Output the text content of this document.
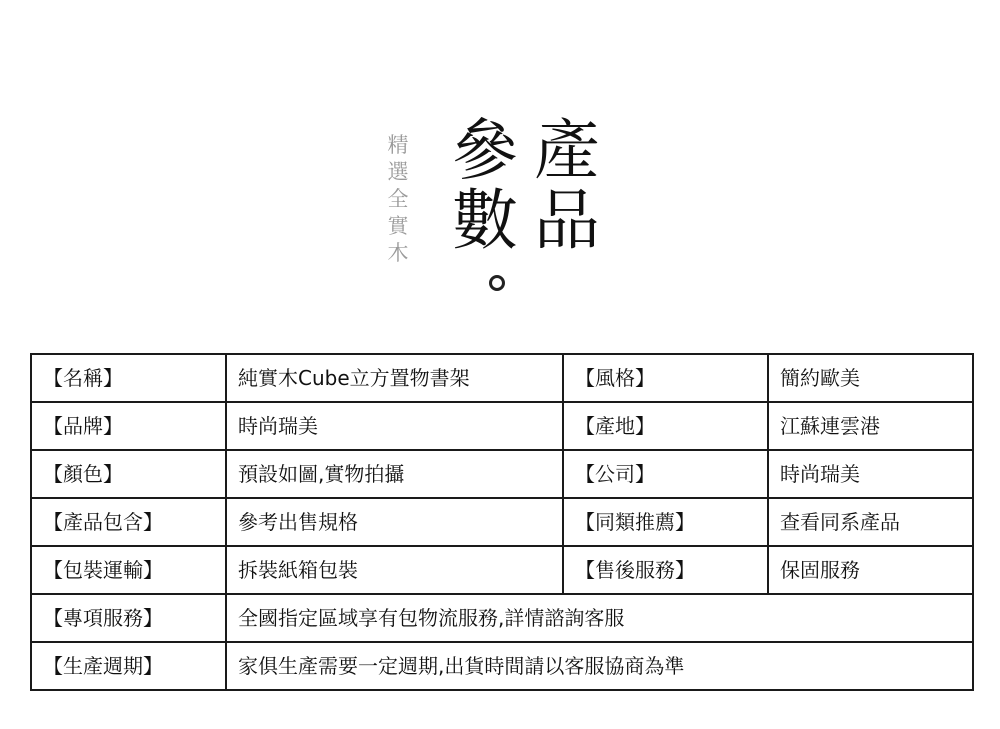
精
選
全
實
木
參
數
產
品
【名稱】	純實木Cube立方置物書架	【風格】	簡約歐美
【品牌】	時尚瑞美	【產地】	江蘇連雲港
【顏色】	預設如圖,實物拍攝	【公司】	時尚瑞美
【產品包含】	參考出售規格	【同類推薦】	查看同系產品
【包裝運輸】	拆裝紙箱包裝	【售後服務】	保固服務
【專項服務】	全國指定區域享有包物流服務,詳情諮詢客服		
【生產週期】	家俱生產需要一定週期,出貨時間請以客服協商為準		
